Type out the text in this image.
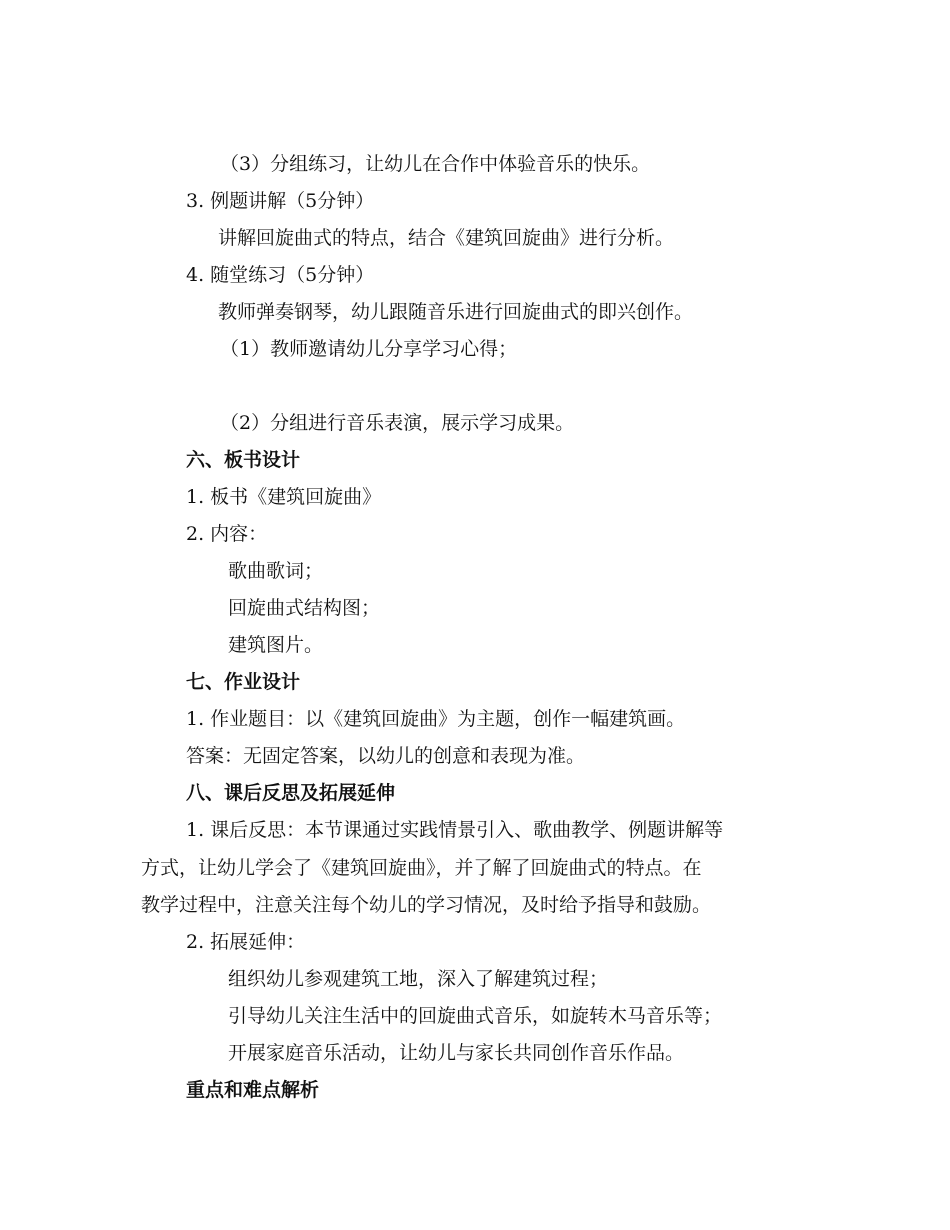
（3）分组练习，让幼儿在合作中体验音乐的快乐。
3. 例题讲解（5分钟）
讲解回旋曲式的特点，结合《建筑回旋曲》进行分析。
4. 随堂练习（5分钟）
教师弹奏钢琴，幼儿跟随音乐进行回旋曲式的即兴创作。
（1）教师邀请幼儿分享学习心得；
（2）分组进行音乐表演，展示学习成果。
六、板书设计
1. 板书《建筑回旋曲》
2. 内容：
歌曲歌词；
回旋曲式结构图；
建筑图片。
七、作业设计
1. 作业题目：以《建筑回旋曲》为主题，创作一幅建筑画。
答案：无固定答案，以幼儿的创意和表现为准。
八、课后反思及拓展延伸
1. 课后反思：本节课通过实践情景引入、歌曲教学、例题讲解等
方式，让幼儿学会了《建筑回旋曲》，并了解了回旋曲式的特点。在
教学过程中，注意关注每个幼儿的学习情况，及时给予指导和鼓励。
2. 拓展延伸：
组织幼儿参观建筑工地，深入了解建筑过程；
引导幼儿关注生活中的回旋曲式音乐，如旋转木马音乐等；
开展家庭音乐活动，让幼儿与家长共同创作音乐作品。
重点和难点解析
